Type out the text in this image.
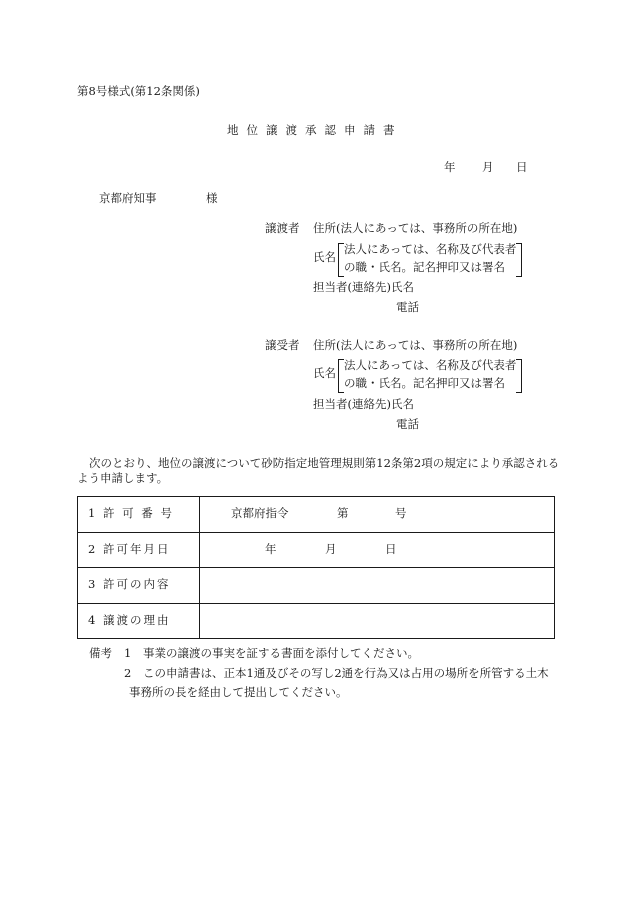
第8号様式(第12条関係)
地位譲渡承認申請書
年 月 日
京都府知事	様
譲渡者 住所(法人にあっては、事務所の所在地)
氏名
法人にあっては、名称及び代表者
の職・氏名。記名押印又は署名
担当者(連絡先)氏名
電話
譲受者 住所(法人にあっては、事務所の所在地)
氏名
法人にあっては、名称及び代表者
の職・氏名。記名押印又は署名
担当者(連絡先)氏名
電話
次のとおり、地位の譲渡について砂防指定地管理規則第12条第2項の規定により承認される
よう申請します。
1 許 可 番 号	京都府指令 第 号

2 許可年月日	年 月 日

3 許可の内容	
4 譲渡の理由	
備考 1 事業の譲渡の事実を証する書面を添付してください。
2 この申請書は、正本1通及びその写し2通を行為又は占用の場所を所管する土木
事務所の長を経由して提出してください。
